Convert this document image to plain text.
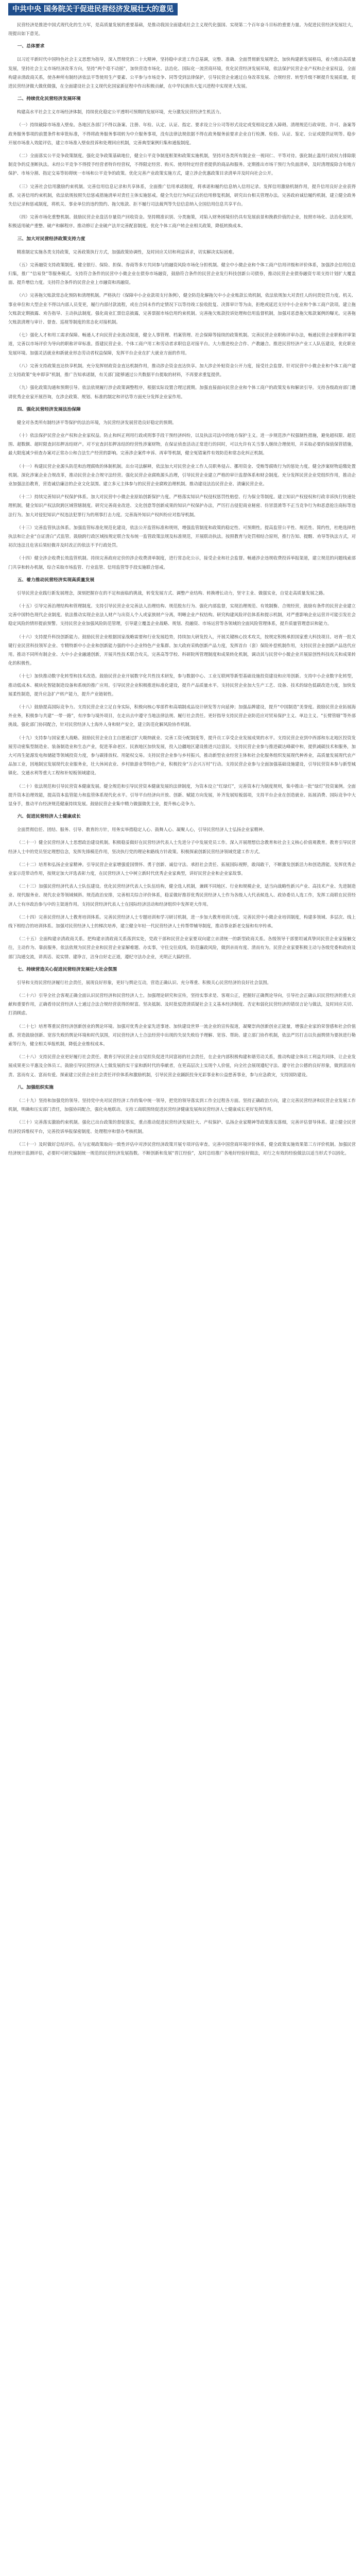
中共中央 国务院关于促进民营经济发展壮大的意见

民营经济是推进中国式现代化的生力军，是高质量发展的重要基础，是推动我国全面建成社会主义现代化强国、实现第二个百年奋斗目标的重要力量。为促进民营经济发展壮大，现提出如下意见。

一、总体要求

以习近平新时代中国特色社会主义思想为指导，深入贯彻党的二十大精神，坚持稳中求进工作总基调，完整、准确、全面贯彻新发展理念，加快构建新发展格局，着力推动高质量发展，坚持社会主义市场经济改革方向，坚持“两个毫不动摇”，加快营造市场化、法治化、国际化一流营商环境，优化民营经济发展环境，依法保护民营企业产权和企业家权益，全面构建亲清政商关系，使各种所有制经济依法平等使用生产要素、公平参与市场竞争、同等受到法律保护，引导民营企业通过自身改革发展、合规经营、转型升级不断提升发展质量，促进民营经济做大做优做强，在全面建设社会主义现代化国家新征程中作出积极贡献，在中华民族伟大复兴进程中实现更大发展。

二、持续优化民营经济发展环境

构建高水平社会主义市场经济体制，持续优化稳定公平透明可预期的发展环境，充分激发民营经济生机活力。

（一）持续破除市场准入壁垒。各地区各部门不得以备案、注册、年检、认定、认证、指定、要求设立分公司等形式设定或变相设定准入障碍。清理规范行政审批、许可、备案等政务服务事项的前置条件和审批标准，不得将政务服务事项转为中介服务事项，没有法律法规依据不得在政务服务前要求企业自行检测、检验、认证、鉴定、公证或提供证明等。稳步开展市场准入效能评估，建立市场准入壁垒投诉和处理回应机制，完善典型案例归集和通报制度。

（二）全面落实公平竞争政策制度。强化竞争政策基础地位，健全公平竞争制度框架和政策实施机制，坚持对各类所有制企业一视同仁、平等对待。强化制止滥用行政权力排除限制竞争的反垄断执法。未经公平竞争不得授予经营者特许经营权，不得限定经营、购买、使用特定经营者提供的商品和服务。定期推出市场干预行为负面清单，及时清理废除含有地方保护、市场分割、指定交易等妨碍统一市场和公平竞争的政策。优化完善产业政策实施方式，建立涉企优惠政策目录清单并及时向社会公开。

（三）完善社会信用激励约束机制。完善信用信息记录和共享体系，全面推广信用承诺制度，将承诺和履约信息纳入信用记录。发挥信用激励机制作用，提升信用良好企业获得感。完善信用约束机制，依法依规按照失信惩戒措施清单对责任主体实施惩戒。健全失信行为纠正后的信用修复机制，研究出台相关管理办法。完善政府诚信履约机制，建立健全政务失信记录和惩戒制度，将机关、事业单位的违约毁约、拖欠账款、拒不履行司法裁判等失信信息纳入全国信用信息共享平台。

（四）完善市场化重整机制。鼓励民营企业盘活存量资产回收资金。坚持精准识别、分类施策，对陷入财务困境但仍具有发展前景和挽救价值的企业，按照市场化、法治化原则，积极适用破产重整、破产和解程序。推动修订企业破产法并完善配套制度。优化个体工商户转企业相关政策，降低转换成本。

三、加大对民营经济政策支持力度

精准制定实施各类支持政策，完善政策执行方式，加强政策协调性，及时回应关切和利益诉求，切实解决实际困难。

（五）完善融资支持政策制度。健全银行、保险、担保、券商等多方共同参与的融资风险市场化分担机制。健全中小微企业和个体工商户信用评级和评价体系，加强涉企信用信息归集，推广“信易贷”等服务模式。支持符合条件的民营中小微企业在债券市场融资，鼓励符合条件的民营企业发行科技创新公司债券，推动民营企业债券融资专项支持计划扩大覆盖面、提升增信力度。支持符合条件的民营企业上市融资和再融资。

（六）完善拖欠账款常态化预防和清理机制。严格执行《保障中小企业款项支付条例》，健全防范化解拖欠中小企业账款长效机制，依法依规加大对责任人的问责处罚力度。机关、事业单位和大型企业不得以内部人员变更，履行内部付款流程，或在合同未作约定情况下以等待竣工验收批复、决算审计等为由，拒绝或延迟支付中小企业和个体工商户款项。建立拖欠账款定期披露、劝告指导、主动执法制度。强化商业汇票信息披露，完善票据市场信用约束机制。完善拖欠账款投诉处理和信用监督机制，加强对恶意拖欠账款案例的曝光。完善拖欠账款清理与审计、督查、巡视等制度的常态化对接机制。

（七）强化人才和用工需求保障。畅通人才向民营企业流动渠道，健全人事管理、档案管理、社会保障等接续的政策机制。完善民营企业职称评审办法，畅通民营企业职称评审渠道，完善以市场评价为导向的职称评审标准。搭建民营企业、个体工商户用工和劳动者求职信息对接平台。大力推进校企合作、产教融合。推进民营经济产业工人队伍建设，优化职业发展环境。加强灵活就业和新就业形态劳动者权益保障，发挥平台企业在扩大就业方面的作用。

（八）完善支持政策直达快享机制。充分发挥财政资金直达机制作用，推动涉企资金直达快享。加大涉企补贴资金公开力度，接受社会监督。针对民营中小微企业和个体工商户建立支持政策“免申即享”机制，推广告知承诺制，有关部门能够通过公共数据平台提取的材料，不再要求重复提供。

（九）强化政策沟通和预期引导。依法依规履行涉企政策调整程序，根据实际设置合理过渡期。加强直接面向民营企业和个体工商户的政策发布和解读引导。支持各级政府部门邀请优秀企业家开展咨询，在涉企政策、规划、标准的制定和评估等方面充分发挥企业家作用。

四、强化民营经济发展法治保障

健全对各类所有制经济平等保护的法治环境，为民营经济发展营造良好稳定的预期。

（十）依法保护民营企业产权和企业家权益。防止和纠正利用行政或刑事手段干预经济纠纷，以及执法司法中的地方保护主义。进一步规范涉产权强制性措施，避免超权限、超范围、超数额、超时限查封扣押冻结财产。对不宜查封扣押冻结的经营性涉案财物，在保证侦查活动正常进行的同时，可以允许有关当事人继续合理使用，并采取必要的保值保管措施，最大限度减少侦查办案对正常办公和合法生产经营的影响。完善涉企案件申诉、再审等机制，健全冤错案件有效防范和常态化纠正机制。

（十一）构建民营企业源头防范和治理腐败的体制机制。出台司法解释，依法加大对民营企业工作人员职务侵占、挪用资金、受贿等腐败行为的惩处力度。健全涉案财物追缴处置机制。深化涉案企业合规改革，推动民营企业合规守法经营。强化民营企业腐败源头治理，引导民营企业建立严格的审计监督体系和财会制度。充分发挥民营企业党组织作用，推动企业加强法治教育，营造诚信廉洁的企业文化氛围。建立多元主体参与的民营企业腐败治理机制。推动建设法治民营企业、清廉民营企业。

（十二）持续完善知识产权保护体系。加大对民营中小微企业原始创新保护力度。严格落实知识产权侵权惩罚性赔偿、行为保全等制度。建立知识产权侵权和行政非诉执行快速处理机制，健全知识产权法院跨区域管辖制度。研究完善商业改进、文化创意等创新成果的知识产权保护办法，严厉打击侵犯商业秘密、仿冒混淆等不正当竞争行为和恶意抢注商标等违法行为。加大对侵犯知识产权违法犯罪行为的刑事打击力度。完善海外知识产权纠纷应对指导机制。

（十三）完善监管执法体系。加强监管标准化规范化建设，依法公开监管标准和规则，增强监管制度和政策的稳定性、可预期性。提高监管公平性、规范性、简约性，杜绝选择性执法和让企业“自证清白”式监管。鼓励跨行政区域按规定联合发布统一监管政策法规及标准规范，开展联动执法。按照教育与处罚相结合原则，推行告知、提醒、劝导等执法方式，对初次违法且危害后果轻微并及时改正的依法不予行政处罚。

（十四）健全涉企收费长效监管机制。持续完善政府定价的涉企收费清单制度，进行常态化公示，接受企业和社会监督。畅通涉企违规收费投诉举报渠道，建立规范的问题线索部门共享和转办机制，综合采取市场监管、行业监管、信用监管等手段实施联合惩戒。

五、着力推动民营经济实现高质量发展

引导民营企业践行新发展理念，深刻把握存在的不足和面临的挑战，转变发展方式、调整产业结构、转换增长动力，坚守主业、做强实业，自觉走高质量发展之路。

（十五）引导完善治理结构和管理制度。支持引导民营企业完善法人治理结构、规范股东行为、强化内部监督，实现治理规范、有效制衡、合规经营，鼓励有条件的民营企业建立完善中国特色现代企业制度。依法推动实现企业法人财产与出资人个人或家族财产分离，明晰企业产权结构。研究构建风险评估体系和提示机制，对严重影响企业运营并可能引发社会稳定风险的情形提前预警。支持民营企业加强风险防范管理，引导建立覆盖企业战略、规划、投融资、市场运营等各领域的全面风险管理体系，提升质量管理意识和能力。

（十六）支持提升科技创新能力。鼓励民营企业根据国家战略需要和行业发展趋势，持续加大研发投入，开展关键核心技术攻关，按规定积极承担国家重大科技项目。培育一批关键行业民营科技领军企业、专精特新中小企业和创新能力强的中小企业特色产业集群。加大政府采购创新产品力度，发挥首台（套）保险补偿机制作用，支持民营企业创新产品迭代应用。推动不同所有制企业、大中小企业融通创新，开展共性技术联合攻关。完善高等学校、科研院所管理制度和成果转化机制，调动其与民营中小微企业开展原创性科技攻关和成果转化的积极性。

（十七）加快推动数字化转型和技术改造。鼓励民营企业开展数字化共性技术研发，参与数据中心、工业互联网等新型基础设施投资建设和应用创新。支持中小企业数字化转型，推动低成本、模块化智能制造设备和系统的推广应用。引导民营企业积极推进标准化建设，提升产品质量水平。支持民营企业加大生产工艺、设备、技术的绿色低碳改造力度，加快发展柔性制造，提升应急扩产转产能力，提升产业链韧性。

（十八）鼓励提高国际竞争力。支持民营企业立足自身实际，积极向核心零部件和高端制成品设计研发等方向延伸；加强品牌建设，提升“中国制造”美誉度。鼓励民营企业拓展海外业务，积极参与共建“一带一路”，有序参与境外项目，在走出去中遵守当地法律法规、履行社会责任。更好指导支持民营企业防范应对贸易保护主义、单边主义、“长臂管辖”等外部挑战。强化部门协同配合，针对民营经济人士海外人身和财产安全，建立防范化解风险协作机制。

（十九）支持参与国家重大战略。鼓励民营企业自主自愿通过扩大吸纳就业、完善工资分配制度等，提升员工享受企业发展成果的水平。支持民营企业到中西部和东北地区投资发展劳动密集型制造业、装备制造业和生态产业，促进革命老区、民族地区加快发展，投入边疆地区建设推进兴边富民。支持民营企业参与推进碳达峰碳中和，提供减碳技术和服务，加大可再生能源发电和储能等领域投资力度，参与碳排放权、用能权交易。支持民营企业参与乡村振兴，推动新型农业经营主体和社会化服务组织发展现代种养业，高质量发展现代农产品加工业，因地制宜发展现代农业服务业，壮大休闲农业、乡村旅游业等特色产业，积极投身“万企兴万村”行动。支持民营企业参与全面加强基础设施建设，引导民营资本参与新型城镇化、交通水利等重大工程和补短板领域建设。

（二十）依法规范和引导民营资本健康发展。健全规范和引导民营资本健康发展的法律制度，为资本设立“红绿灯”，完善资本行为制度规则，集中推出一批“绿灯”投资案例。全面提升资本治理效能，提高资本监管能力和监管体系现代化水平。引导平台经济向开放、创新、赋能方向发展，补齐发展短板弱项，支持平台企业在创造就业、拓展消费、国际竞争中大显身手，推动平台经济规范健康持续发展。鼓励民营企业集中精力做强做优主业，提升核心竞争力。

六、促进民营经济人士健康成长

全面贯彻信任、团结、服务、引导、教育的方针，用务实举措稳定人心、鼓舞人心、凝聚人心，引导民营经济人士弘扬企业家精神。

（二十一）健全民营经济人士思想政治建设机制。积极稳妥做好在民营经济代表人士先进分子中发展党员工作。深入开展理想信念教育和社会主义核心价值观教育。教育引导民营经济人士中的党员坚定理想信念，发挥先锋模范作用，坚决执行党的理论和路线方针政策。积极探索创新民营经济领域党建工作方式。

（二十二）培育和弘扬企业家精神。引导民营企业家增强爱国情怀、勇于创新、诚信守法、承担社会责任、拓展国际视野，敢闯敢干，不断激发创新活力和创造潜能。发挥优秀企业家示范带动作用，按规定加大评选表彰力度，在民营经济人士中树立新时代优秀企业家典型，讲好民营企业和企业家故事。

（二十三）加强民营经济代表人士队伍建设。优化民营经济代表人士队伍结构，健全选人机制，兼顾不同地区、行业和规模企业，适当向战略性新兴产业、高技术产业、先进制造业、现代服务业、现代农业等领域倾斜。规范政治安排，完善相关综合评价体系，稳妥做好推荐优秀民营经济人士作为各级人大代表候选人、政协委员人选工作，发挥工商联在民营经济人士有序政治参与中的主渠道作用。支持民营经济代表人士在国际经济活动和经济组织中发挥更大作用。

（二十四）完善民营经济人士教育培训体系。完善民营经济人士专题培训和学习研讨机制，进一步加大教育培训力度。完善民营中小微企业培训制度，构建多领域、多层次、线上线下相结合的培训体系。加强对民营经济人士的梯次培养，建立健全年轻一代民营经济人士传帮带辅导制度，推动事业新老交接和有序传承。

（二十五）全面构建亲清政商关系。把构建亲清政商关系落到实处，党政干部和民营企业家要双向建立亲清统一的新型政商关系。各级领导干部要坦诚真挚同民营企业家接触交往，主动作为、靠前服务，依法依规为民营企业和民营企业家解难题、办实事，守住交往底线，防范廉政风险，做到亲而有度、清而有为。民营企业家要积极主动与各级党委和政府及部门沟通交流，讲真话、说实情、建诤言，洁身自好走正道，遵纪守法办企业，光明正大搞经营。

七、持续营造关心促进民营经济发展壮大社会氛围

引导和支持民营经济履行社会责任，展现良好形象，更好与舆论互动，营造正确认识、充分尊重、积极关心民营经济的良好社会氛围。

（二十六）引导全社会客观正确全面认识民营经济和民营经济人士。加强理论研究和宣传，坚持实事求是、客观公正，把握好正确舆论导向，引导社会正确认识民营经济的重大贡献和重要作用，正确看待民营经济人士通过合法合规经营获得的财富。坚决抵制、及时批驳澄清质疑社会主义基本经济制度、否定和弱化民营经济的错误言论与做法，及时回应关切、打消顾虑。

（二十七）培育尊重民营经济创新创业的舆论环境。加强对优秀企业家先进事迹、加快建设世界一流企业的宣传报道，凝聚崇尚创新创业正能量，增强企业家的荣誉感和社会价值感。营造鼓励创新、宽容失败的舆论环境和时代氛围，对民营经济人士合法经营中出现的失误失败给予理解、宽容、帮助。建立部门协作机制，依法严厉打击以负面舆情为要挟进行勒索等行为，健全相关举报机制，降低企业维权成本。

（二十八）支持民营企业更好履行社会责任。教育引导民营企业自觉担负促进共同富裕的社会责任，在企业内部积极构建和谐劳动关系，推动构建全体员工利益共同体，让企业发展成果更公平惠及全体员工。鼓励引导民营经济人士做发展的实干家和新时代的奉献者，在更高层次上实现个人价值，向全社会展现遵纪守法、遵守社会公德的良好形象，做到富而有责、富而有义、富而有爱。探索建立民营企业社会责任评价体系和激励机制，引导民营企业踊跃投身光彩事业和公益慈善事业，参与应急救灾，支持国防建设。

八、加强组织实施

（二十九）坚持和加强党的领导。坚持党中央对民营经济工作的集中统一领导，把党的领导落实到工作全过程各方面。坚持正确政治方向，建立完善民营经济和民营企业发展工作机制，明确和压实部门责任，加强协同配合，强化央地联动。支持工商联围绕促进民营经济健康发展和民营经济人士健康成长更好发挥作用。

（三十）完善落实激励约束机制。强化已出台政策的督促落实，重点推动促进民营经济发展壮大、产权保护、弘扬企业家精神等政策落实落细，完善评估督导体系。建立健全民营经济投诉维权平台，完善投诉举报保密制度、处理程序和督办考核机制。

（三十一）及时做好总结评估。在与宏观政策取向一致性评估中对涉民营经济政策开展专项评估审查。完善中国营商环境评价体系，健全政策实施效果第三方评价机制。加强民营经济统计监测评估，必要时可研究编制统一规范的民营经济发展指数。不断创新和发展“晋江经验”，及时总结推广各地好经验好做法，对行之有效的经验做法以适当形式予以固化。
